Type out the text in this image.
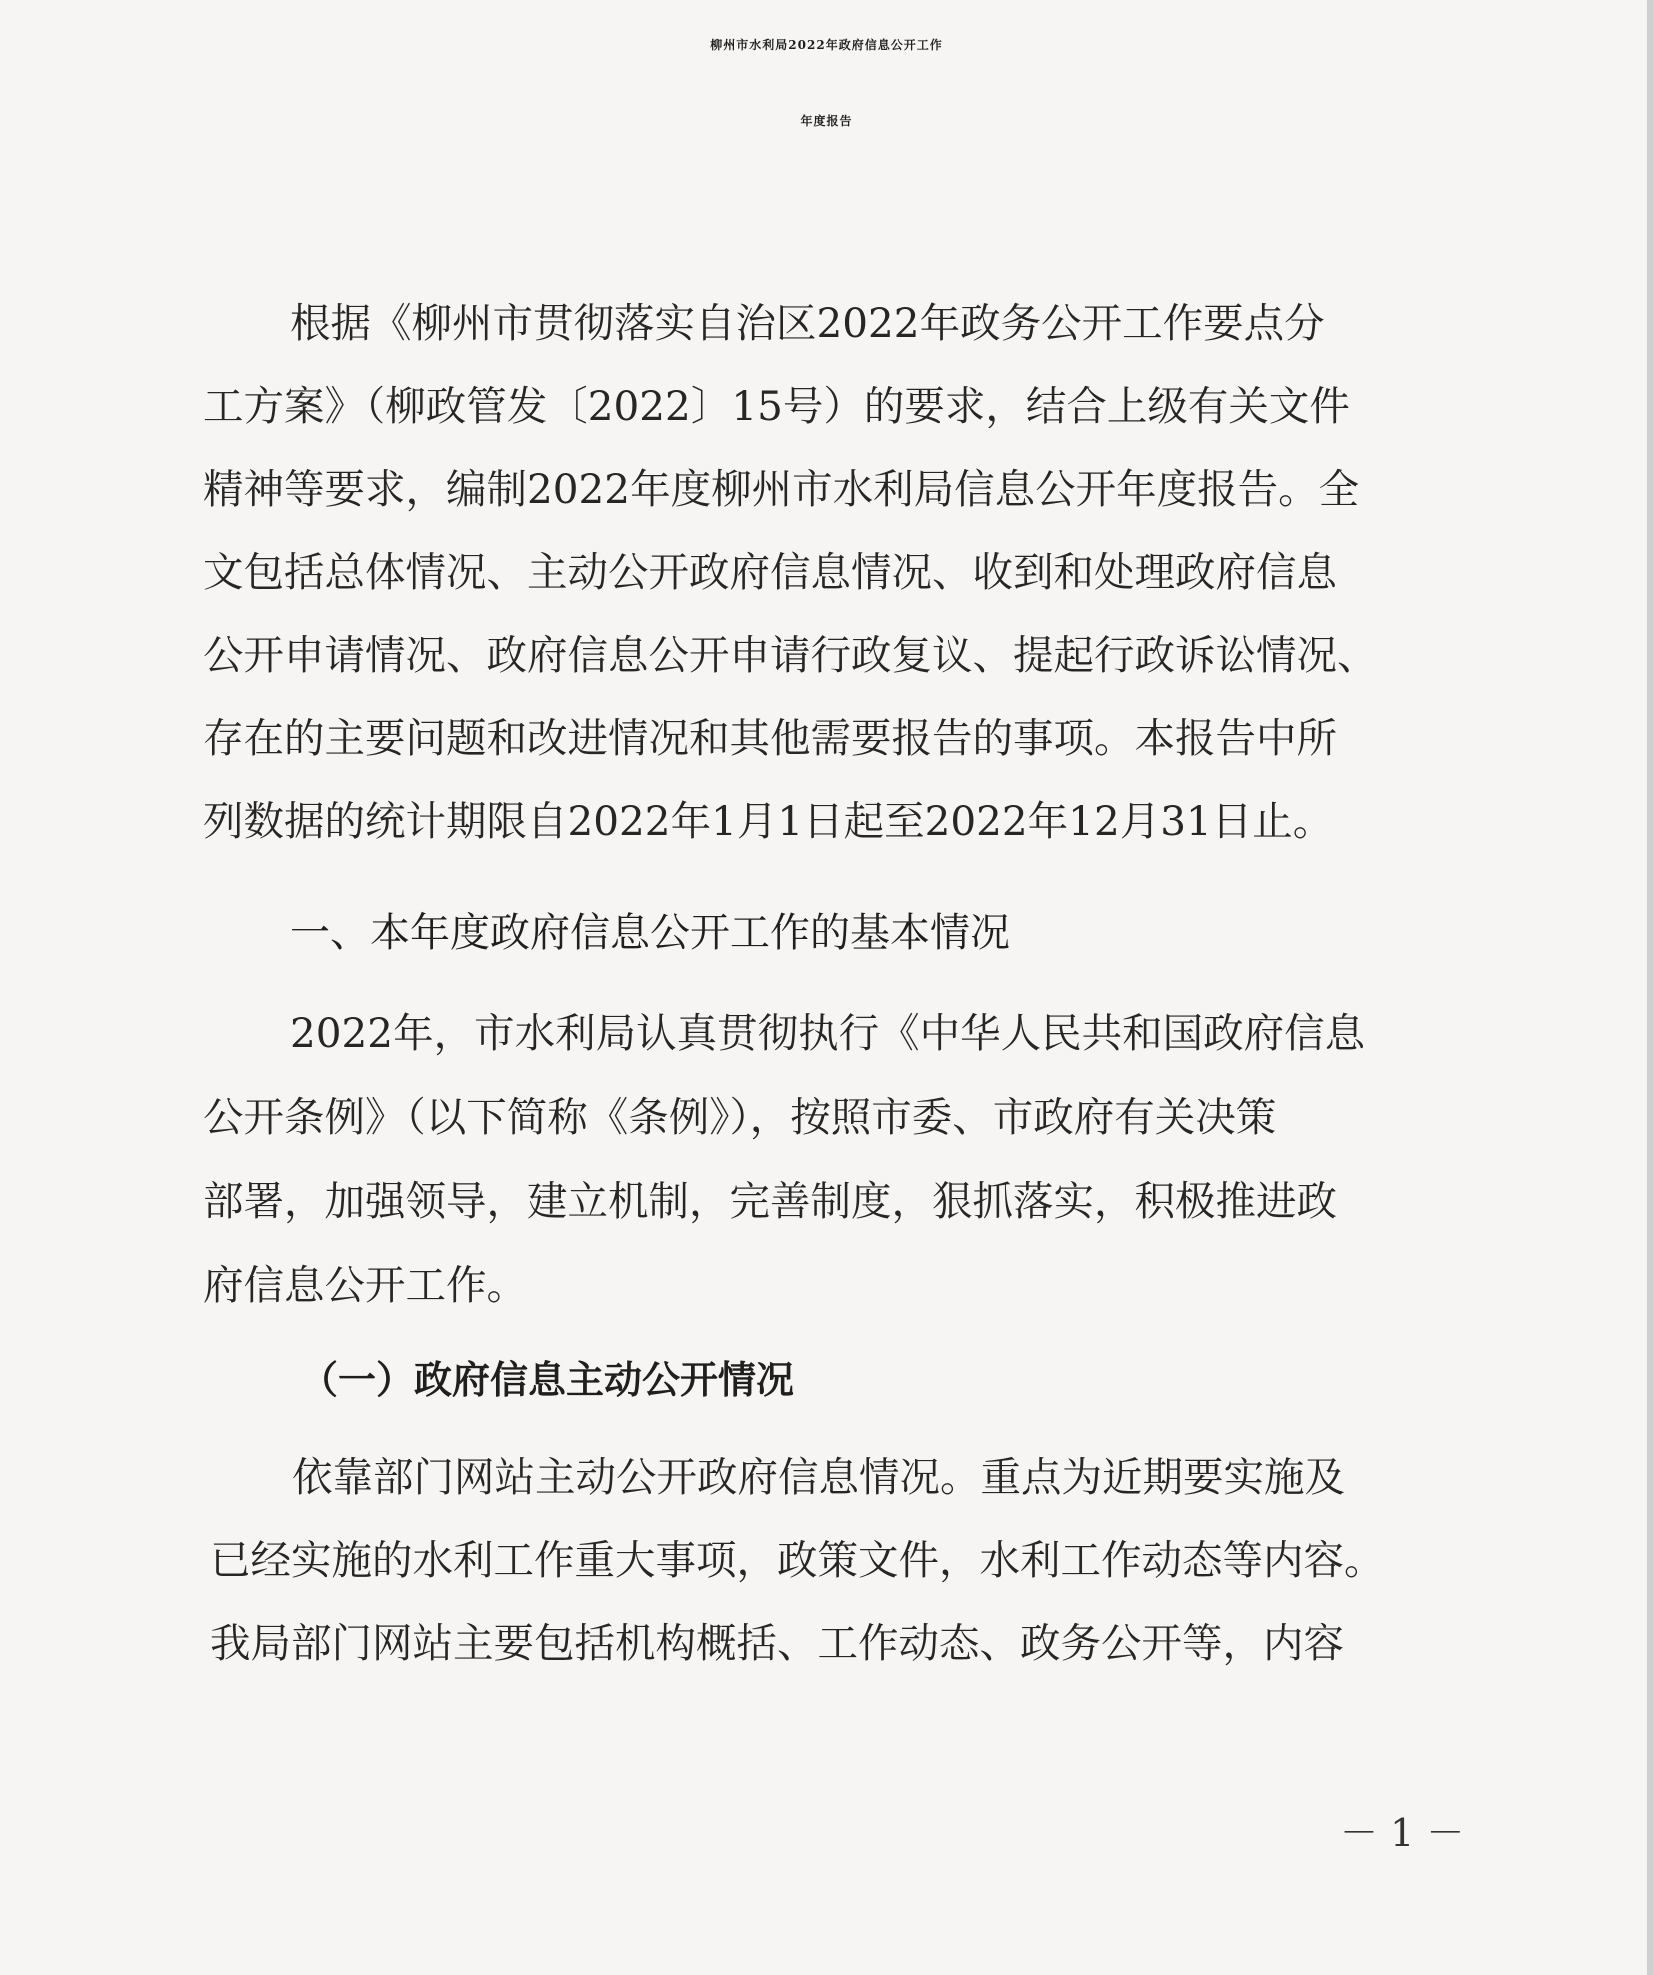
柳州市水利局2022年政府信息公开工作
年度报告
根据《柳州市贯彻落实自治区2022年政务公开工作要点分
工方案》（柳政管发〔2022〕15号）的要求，结合上级有关文件
精神等要求，编制2022年度柳州市水利局信息公开年度报告。全
文包括总体情况、主动公开政府信息情况、收到和处理政府信息
公开申请情况、政府信息公开申请行政复议、提起行政诉讼情况、
存在的主要问题和改进情况和其他需要报告的事项。本报告中所
列数据的统计期限自2022年1月1日起至2022年12月31日止。
一、本年度政府信息公开工作的基本情况
2022年，市水利局认真贯彻执行《中华人民共和国政府信息
公开条例》（以下简称《条例》），按照市委、市政府有关决策
部署，加强领导，建立机制，完善制度，狠抓落实，积极推进政
府信息公开工作。
（一）政府信息主动公开情况
依靠部门网站主动公开政府信息情况。重点为近期要实施及
已经实施的水利工作重大事项，政策文件，水利工作动态等内容。
我局部门网站主要包括机构概括、工作动态、政务公开等，内容
－ 1 －
